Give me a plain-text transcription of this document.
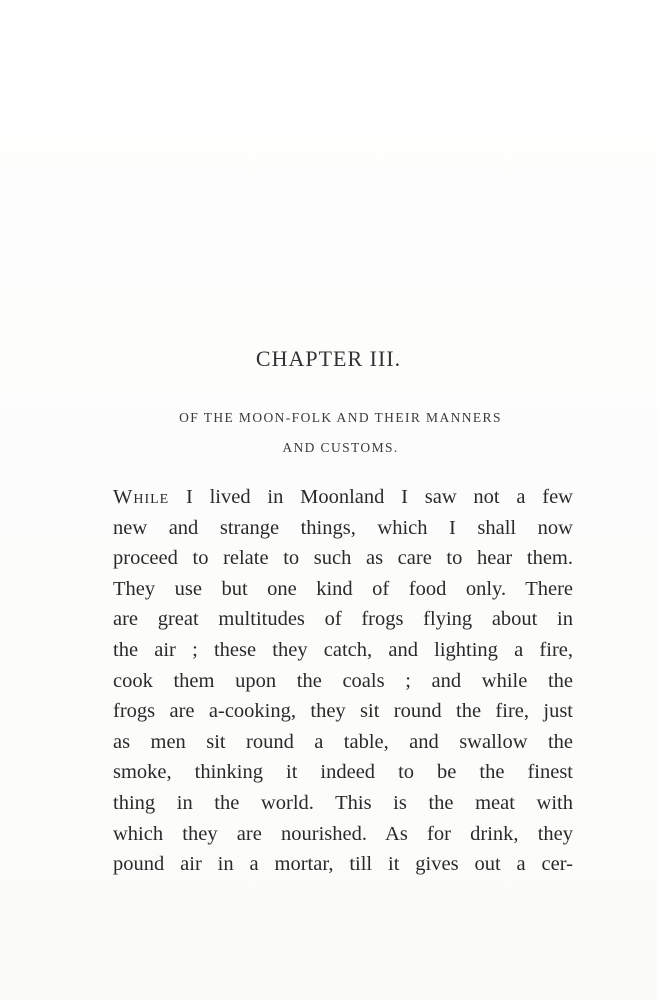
CHAPTER III.
OF THE MOON-FOLK AND THEIR MANNERS
AND CUSTOMS.
While I lived in Moonland I saw not a few
new and strange things, which I shall now
proceed to relate to such as care to hear them.
They use but one kind of food only. There
are great multitudes of frogs flying about in
the air ; these they catch, and lighting a fire,
cook them upon the coals ; and while the
frogs are a-cooking, they sit round the fire, just
as men sit round a table, and swallow the
smoke, thinking it indeed to be the finest
thing in the world. This is the meat with
which they are nourished. As for drink, they
pound air in a mortar, till it gives out a cer-
